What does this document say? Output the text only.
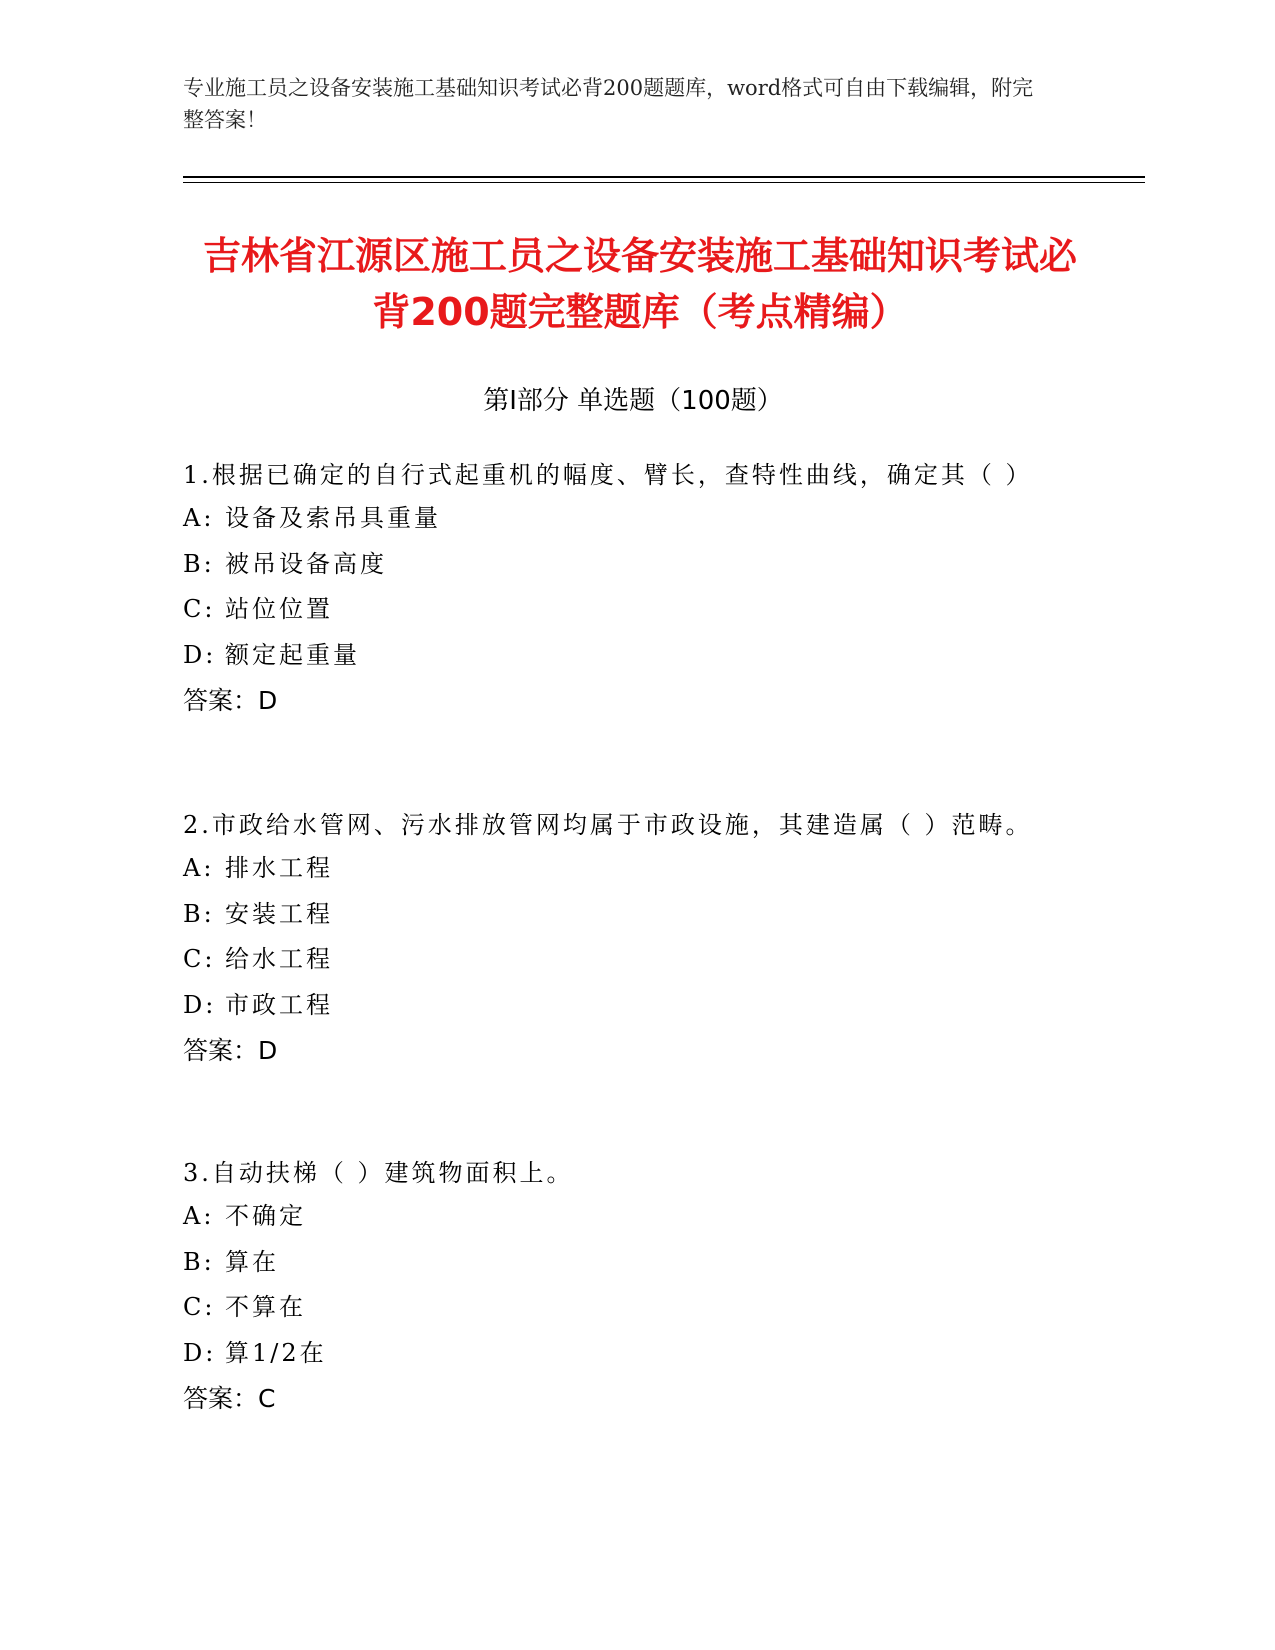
专业施工员之设备安装施工基础知识考试必背200题题库，word格式可自由下载编辑，附完整答案！
吉林省江源区施工员之设备安装施工基础知识考试必背200题完整题库（考点精编）
第I部分 单选题（100题）
1.根据已确定的自行式起重机的幅度、臂长，查特性曲线，确定其（ ）
A: 设备及索吊具重量
B: 被吊设备高度
C: 站位位置
D: 额定起重量
答案：D
2.市政给水管网、污水排放管网均属于市政设施，其建造属（ ）范畴。
A: 排水工程
B: 安装工程
C: 给水工程
D: 市政工程
答案：D
3.自动扶梯（ ）建筑物面积上。
A: 不确定
B: 算在
C: 不算在
D: 算1/2在
答案：C
